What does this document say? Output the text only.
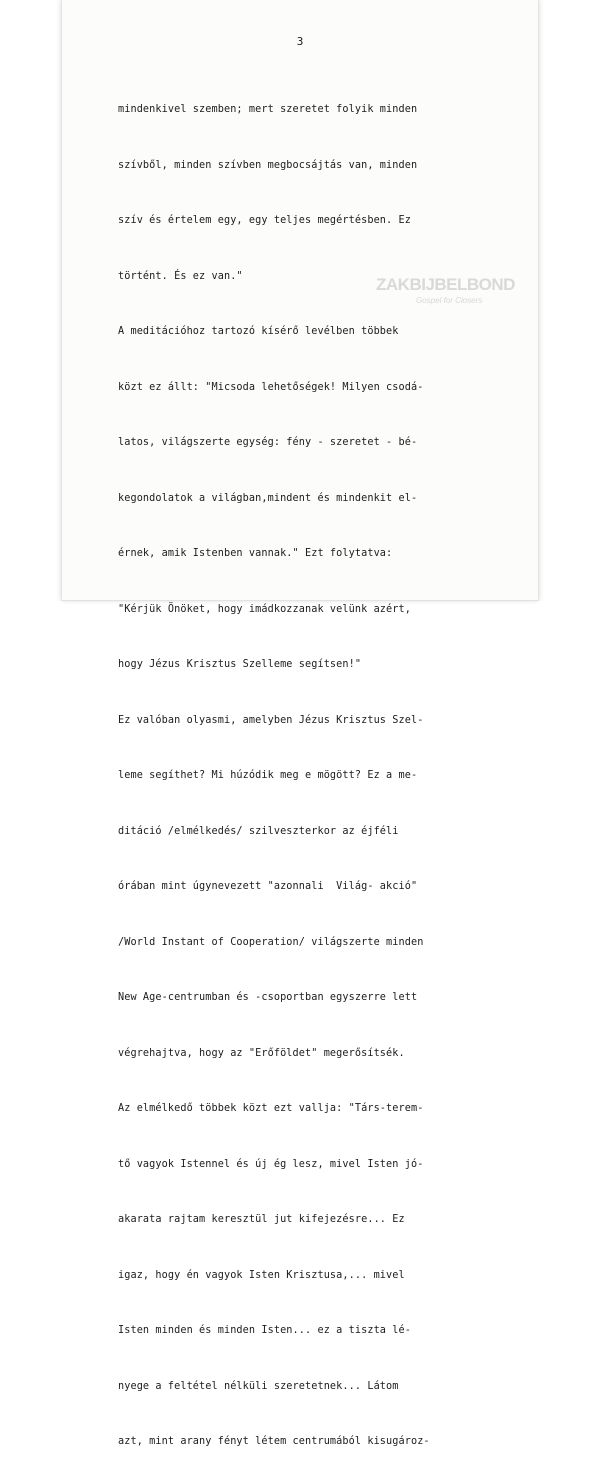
3

mindenkivel szemben; mert szeretet folyik minden

szívből, minden szívben megbocsájtás van, minden

szív és értelem egy, egy teljes megértésben. Ez

történt. És ez van."

A meditációhoz tartozó kísérő levélben többek

közt ez állt: "Micsoda lehetőségek! Milyen csodá-

latos, világszerte egység: fény - szeretet - bé-

kegondolatok a világban,mindent és mindenkit el-

érnek, amik Istenben vannak." Ezt folytatva:

"Kérjük Önöket, hogy imádkozzanak velünk azért,

hogy Jézus Krisztus Szelleme segítsen!"

Ez valóban olyasmi, amelyben Jézus Krisztus Szel-

leme segíthet? Mi húzódik meg e mögött? Ez a me-

ditáció /elmélkedés/ szilveszterkor az éjféli

órában mint úgynevezett "azonnali  Világ- akció"

/World Instant of Cooperation/ világszerte minden

New Age-centrumban és -csoportban egyszerre lett

végrehajtva, hogy az "Erőföldet" megerősítsék.

Az elmélkedő többek közt ezt vallja: "Társ-terem-

tő vagyok Istennel és új ég lesz, mivel Isten jó-

akarata rajtam keresztül jut kifejezésre... Ez

igaz, hogy én vagyok Isten Krisztusa,... mivel

Isten minden és minden Isten... ez a tiszta lé-

nyege a feltétel nélküli szeretetnek... Látom

azt, mint arany fényt létem centrumából kisugároz-

ZAKBIJBELBOND
Gospel for Closers
